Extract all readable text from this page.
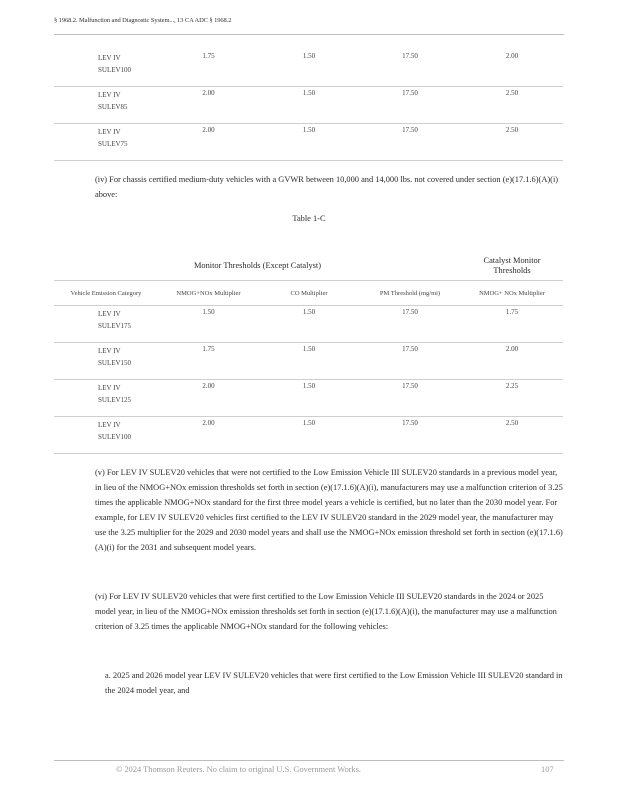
§ 1968.2. Malfunction and Diagnostic System..., 13 CA ADC § 1968.2
LEV IV
SULEV100	1.75	1.50	17.50	2.00

LEV IV
SULEV85	2.00	1.50	17.50	2.50

LEV IV
SULEV75	2.00	1.50	17.50	2.50
(iv) For chassis certified medium-duty vehicles with a GVWR between 10,000 and 14,000 lbs. not covered under section (e)(17.1.6)(A)(i) above:
Table 1-C
Monitor Thresholds (Except Catalyst)				Catalyst Monitor Thresholds
Vehicle Emission Category	NMOG+NOx Multiplier	CO Multiplier	PM Threshold (mg/mi)	NMOG+ NOx Multiplier

LEV IV
SULEV175	1.50	1.50	17.50	1.75

LEV IV
SULEV150	1.75	1.50	17.50	2.00

LEV IV
SULEV125	2.00	1.50	17.50	2.25

LEV IV
SULEV100	2.00	1.50	17.50	2.50
(v) For LEV IV SULEV20 vehicles that were not certified to the Low Emission Vehicle III SULEV20 standards in a previous model year, in lieu of the NMOG+NOx emission thresholds set forth in section (e)(17.1.6)(A)(i), manufacturers may use a malfunction criterion of 3.25 times the applicable NMOG+NOx standard for the first three model years a vehicle is certified, but no later than the 2030 model year. For example, for LEV IV SULEV20 vehicles first certified to the LEV IV SULEV20 standard in the 2029 model year, the manufacturer may use the 3.25 multiplier for the 2029 and 2030 model years and shall use the NMOG+NOx emission threshold set forth in section (e)(17.1.6)(A)(i) for the 2031 and subsequent model years.
(vi) For LEV IV SULEV20 vehicles that were first certified to the Low Emission Vehicle III SULEV20 standards in the 2024 or 2025 model year, in lieu of the NMOG+NOx emission thresholds set forth in section (e)(17.1.6)(A)(i), the manufacturer may use a malfunction criterion of 3.25 times the applicable NMOG+NOx standard for the following vehicles:
a. 2025 and 2026 model year LEV IV SULEV20 vehicles that were first certified to the Low Emission Vehicle III SULEV20 standard in the 2024 model year, and
© 2024 Thomson Reuters. No claim to original U.S. Government Works.	107
